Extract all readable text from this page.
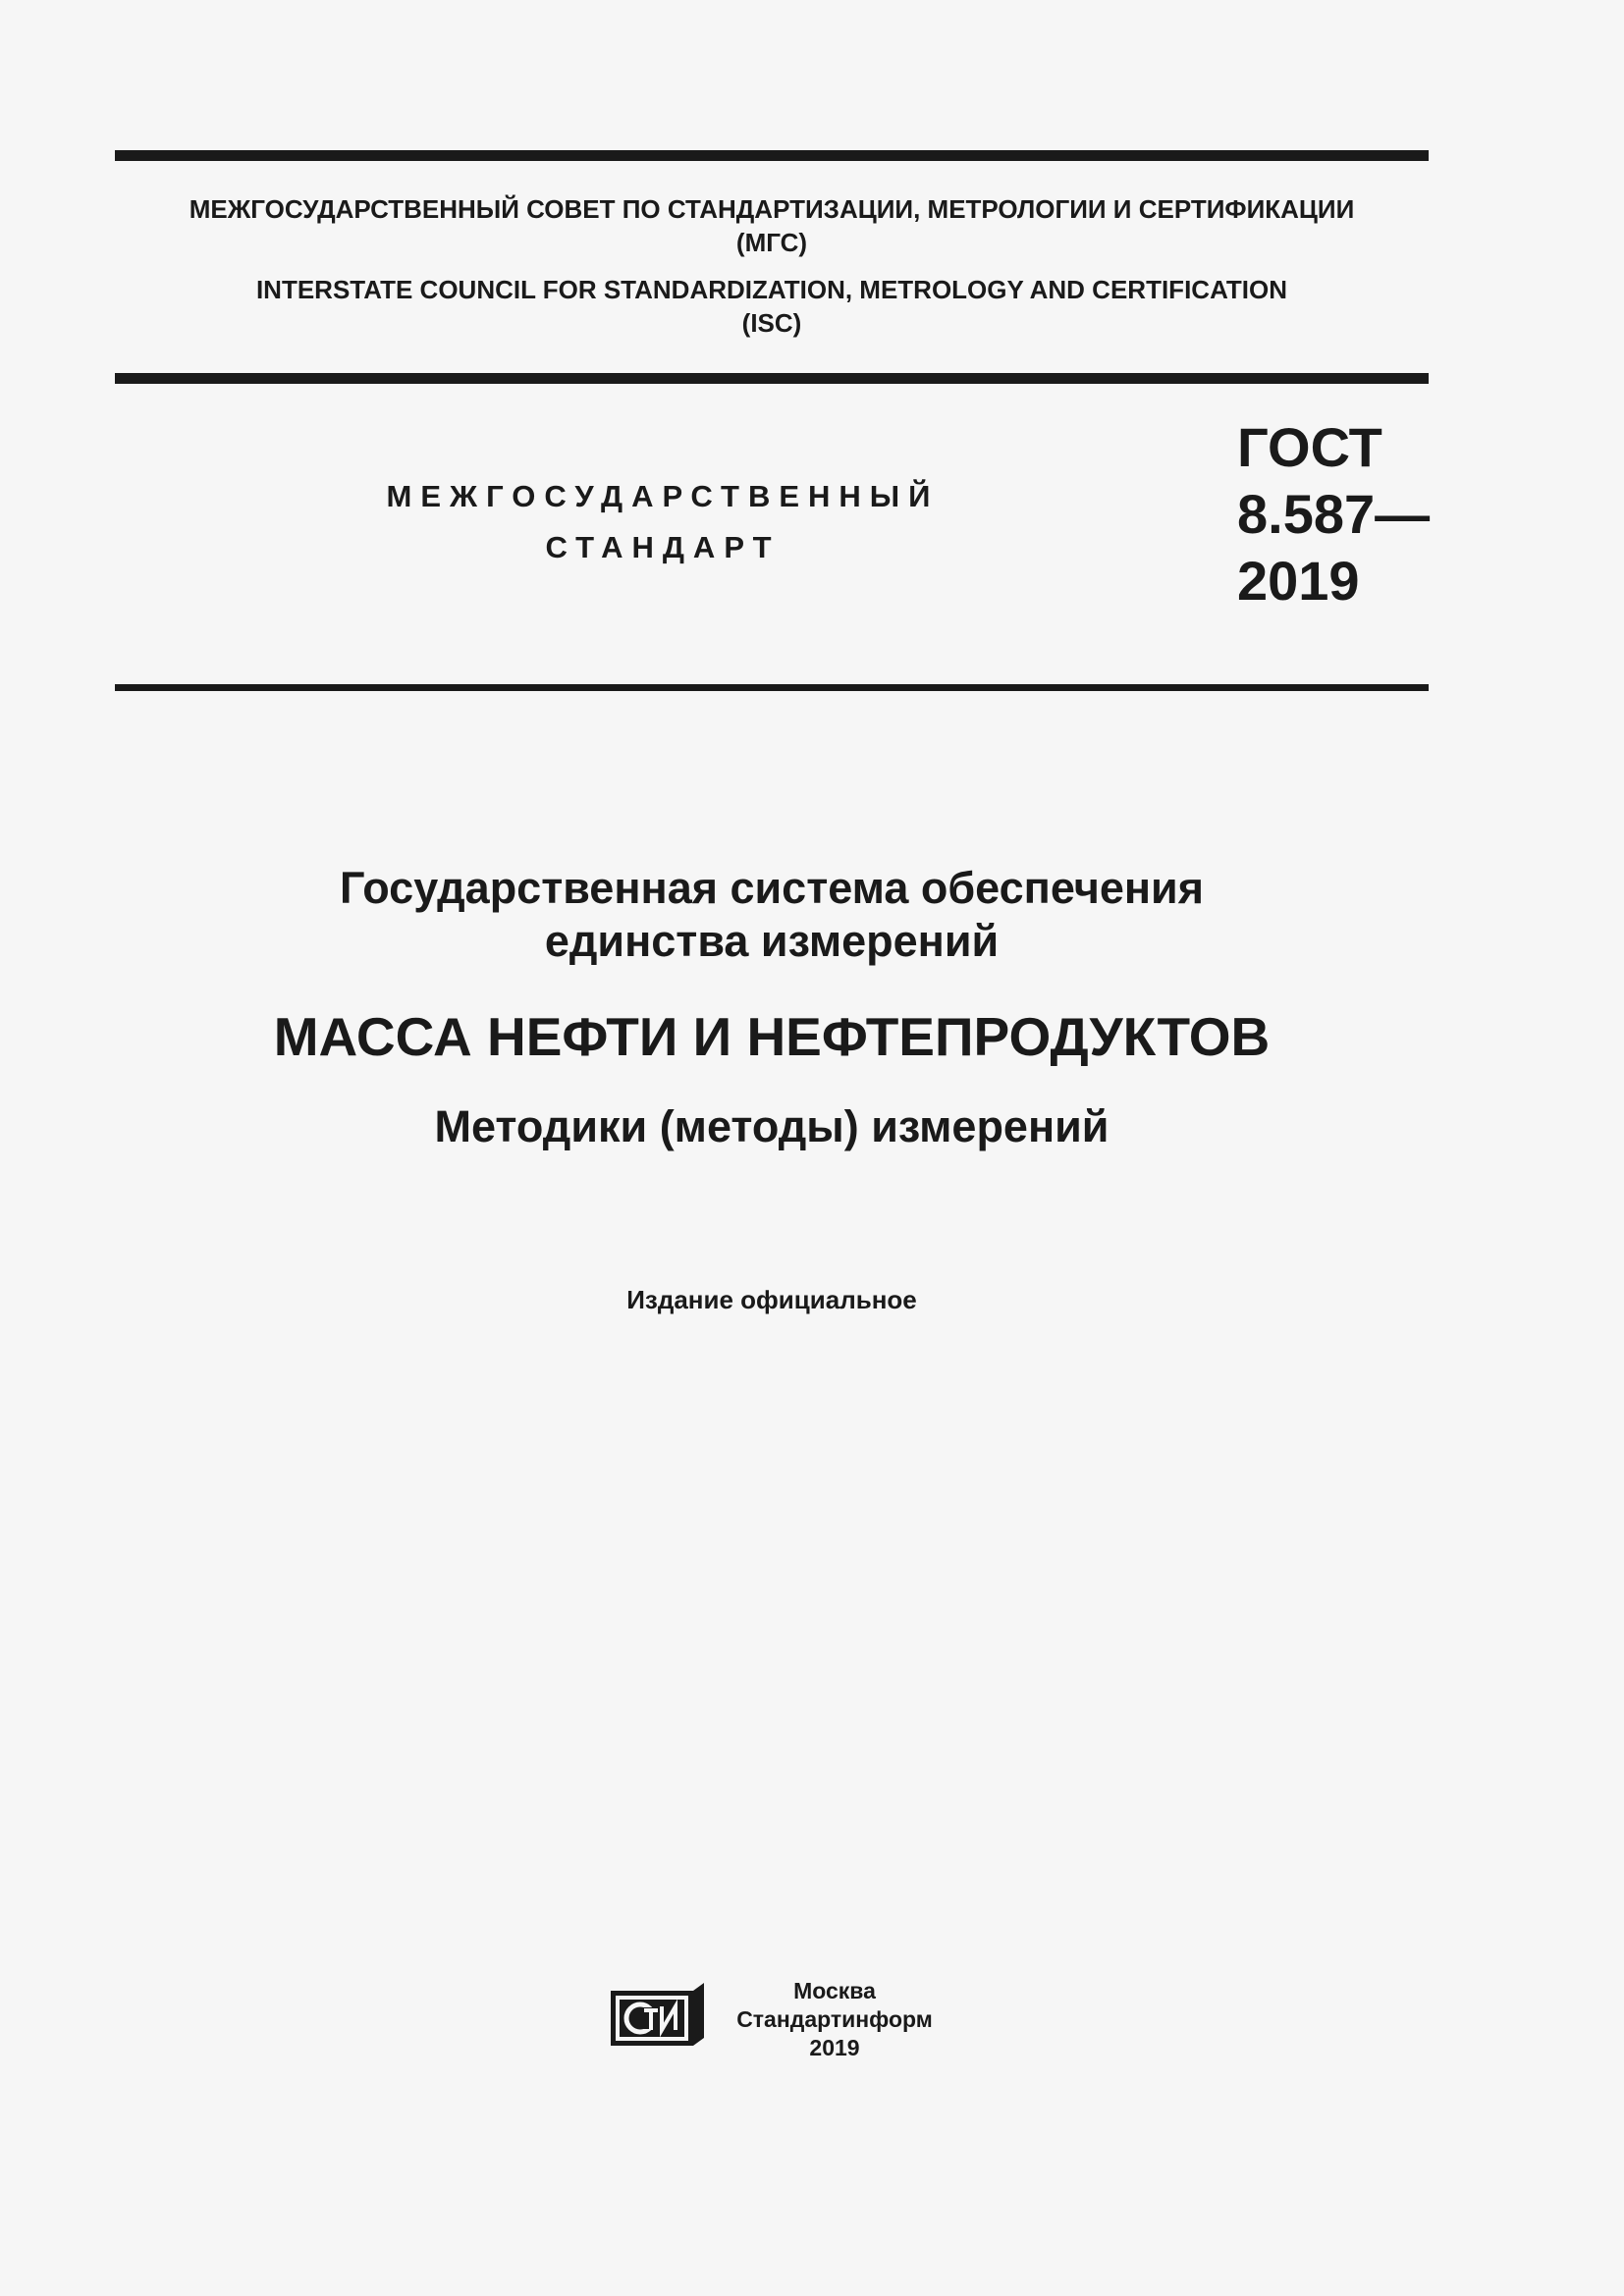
МЕЖГОСУДАРСТВЕННЫЙ СОВЕТ ПО СТАНДАРТИЗАЦИИ, МЕТРОЛОГИИ И СЕРТИФИКАЦИИ
(МГС)
INTERSTATE COUNCIL FOR STANDARDIZATION, METROLOGY AND CERTIFICATION
(ISC)
МЕЖГОСУДАРСТВЕННЫЙ
СТАНДАРТ
ГОСТ
8.587—
2019
Государственная система обеспечения
единства измерений
МАССА НЕФТИ И НЕФТЕПРОДУКТОВ
Методики (методы) измерений
Издание официальное
Москва
Стандартинформ
2019
